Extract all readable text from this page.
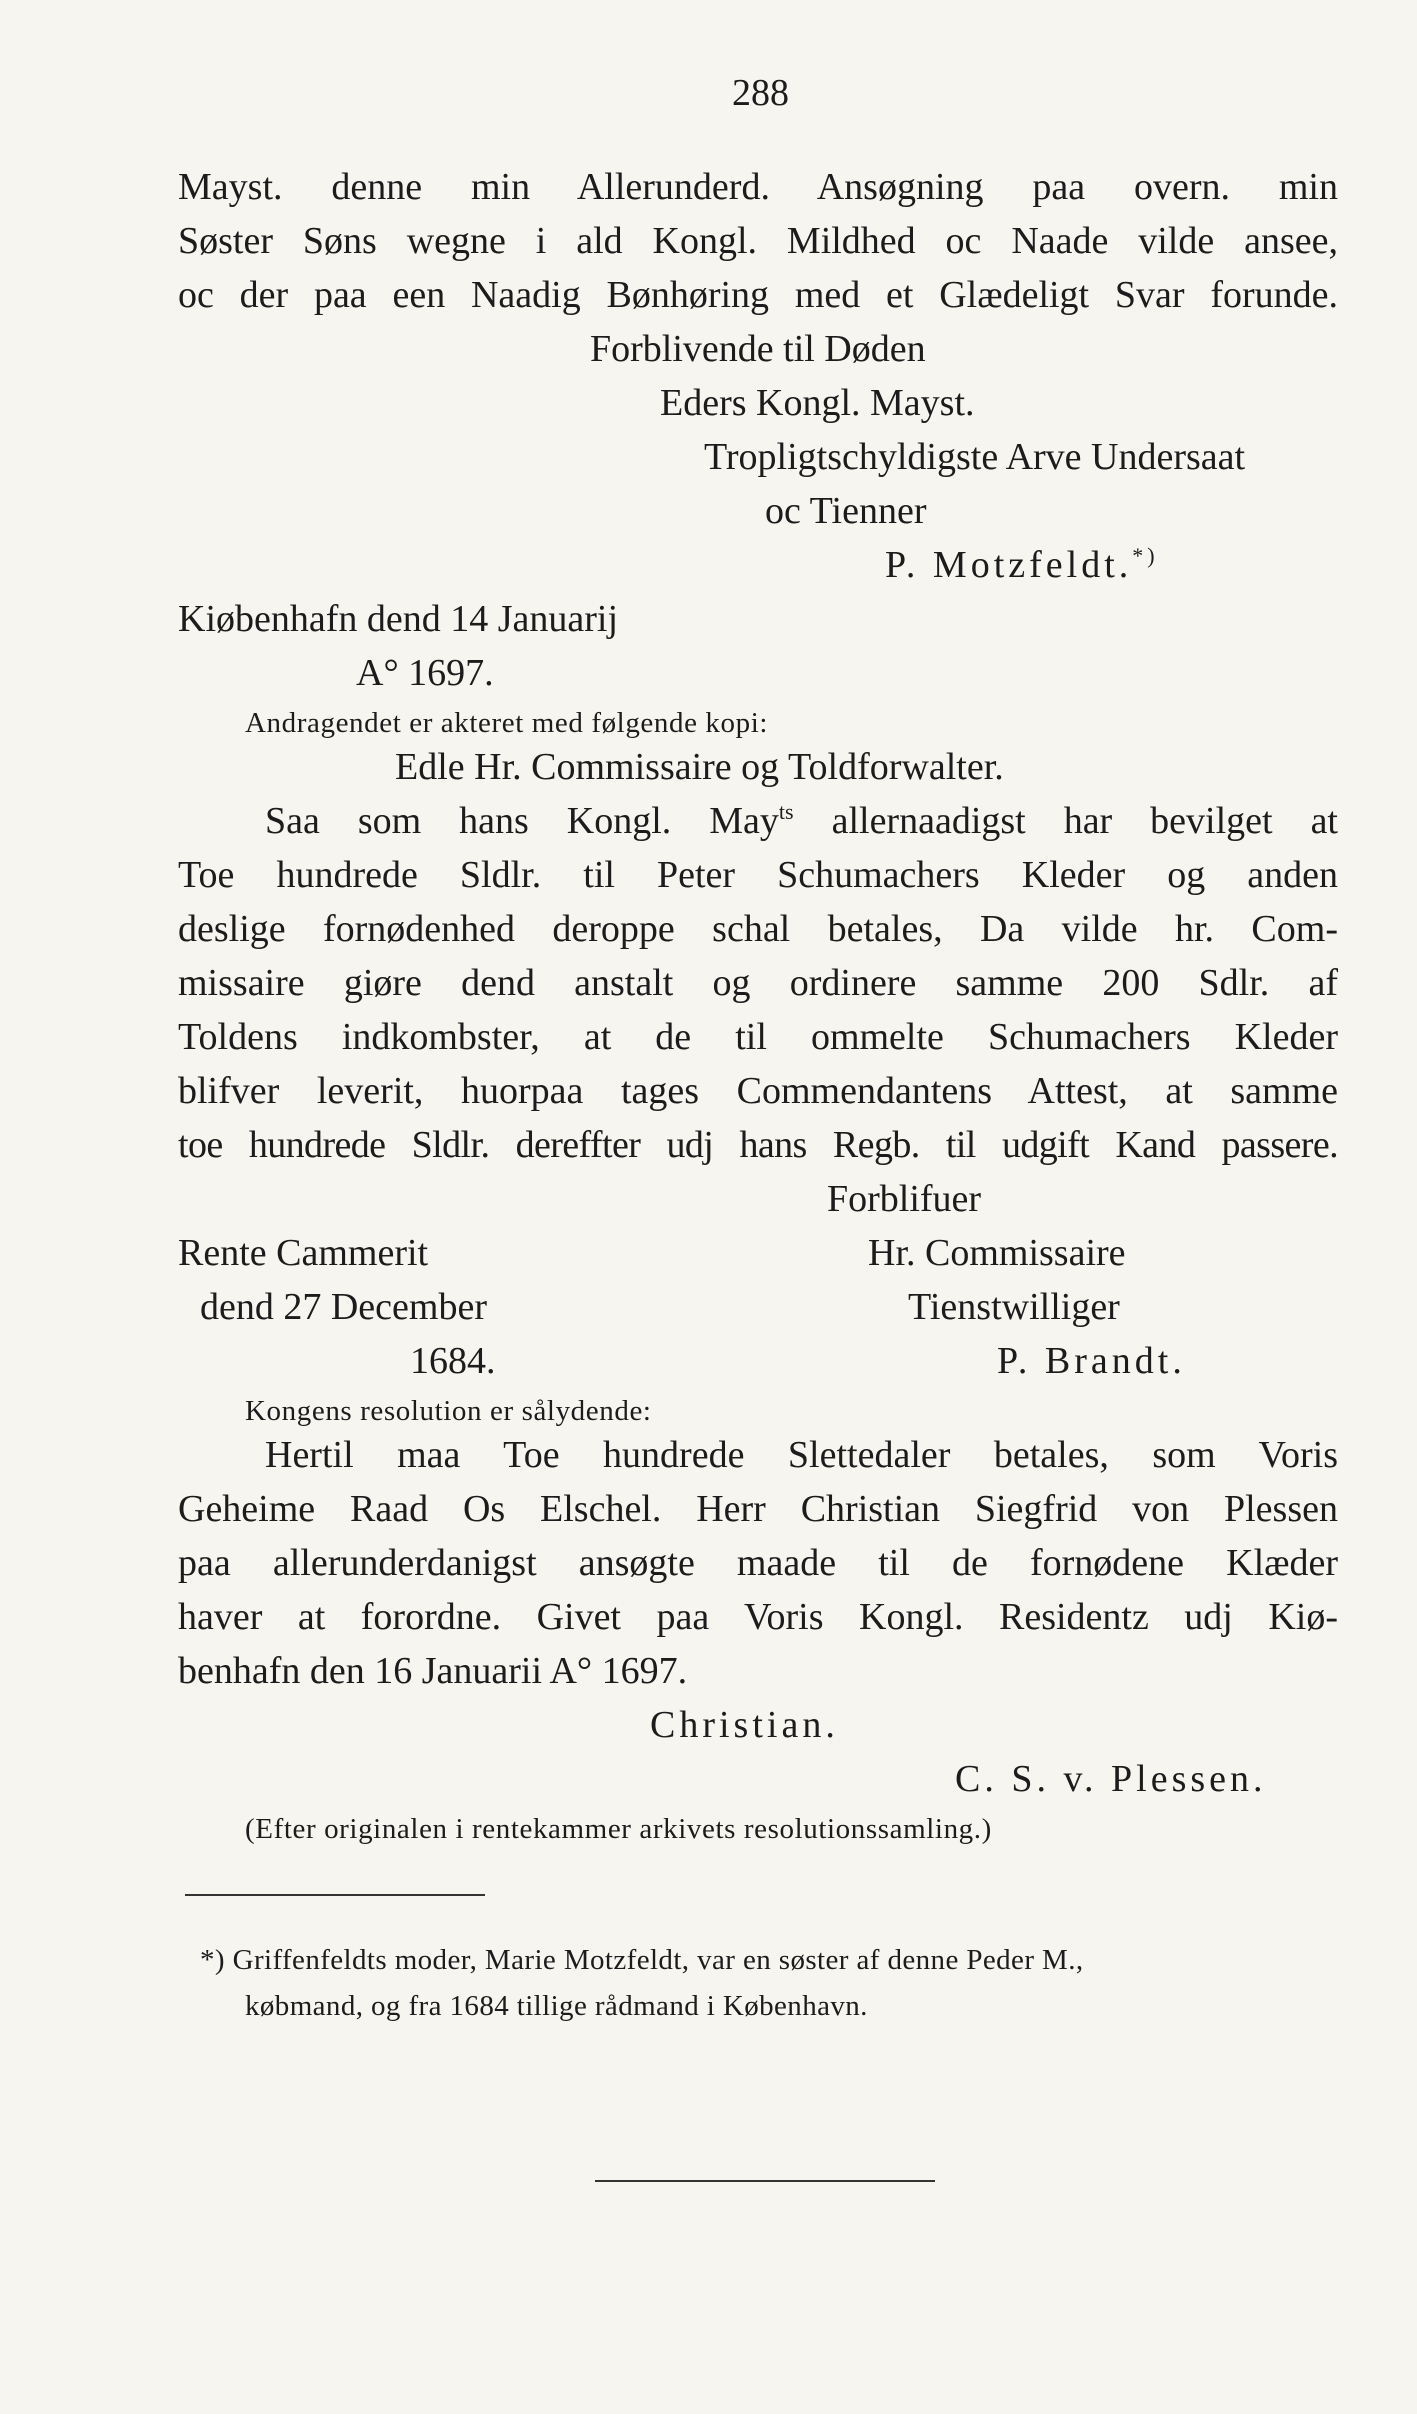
288
Mayst. denne min Allerunderd. Ansøgning paa overn. min
Søster Søns wegne i ald Kongl. Mildhed oc Naade vilde ansee,
oc der paa een Naadig Bønhøring med et Glædeligt Svar forunde.
Forblivende til Døden
Eders Kongl. Mayst.
Tropligtschyldigste Arve Undersaat
oc Tienner
P. Motzfeldt.*)
Kiøbenhafn dend 14 Januarij
A° 1697.
Andragendet er akteret med følgende kopi:
Edle Hr. Commissaire og Toldforwalter.
Saa som hans Kongl. May$^{ts}$ allernaadigst har bevilget at
Toe hundrede Sldlr. til Peter Schumachers Kleder og anden
deslige fornødenhed deroppe schal betales, Da vilde hr. Com-
missaire giøre dend anstalt og ordinere samme 200 Sdlr. af
Toldens indkombster, at de til ommelte Schumachers Kleder
blifver leverit, huorpaa tages Commendantens Attest, at samme
toe hundrede Sldlr. dereffter udj hans Regb. til udgift Kand passere.
Forblifuer
Rente Cammerit	Hr. Commissaire
dend 27 December	Tienstwilliger
1684.	P. Brandt.
Kongens resolution er sålydende:
Hertil maa Toe hundrede Slettedaler betales, som Voris
Geheime Raad Os Elschel. Herr Christian Siegfrid von Plessen
paa allerunderdanigst ansøgte maade til de fornødene Klæder
haver at forordne. Givet paa Voris Kongl. Residentz udj Kiø-
benhafn den 16 Januarii A° 1697.
Christian.
C. S. v. Plessen.
(Efter originalen i rentekammer arkivets resolutionssamling.)
*) Griffenfeldts moder, Marie Motzfeldt, var en søster af denne Peder M.,
købmand, og fra 1684 tillige rådmand i København.
